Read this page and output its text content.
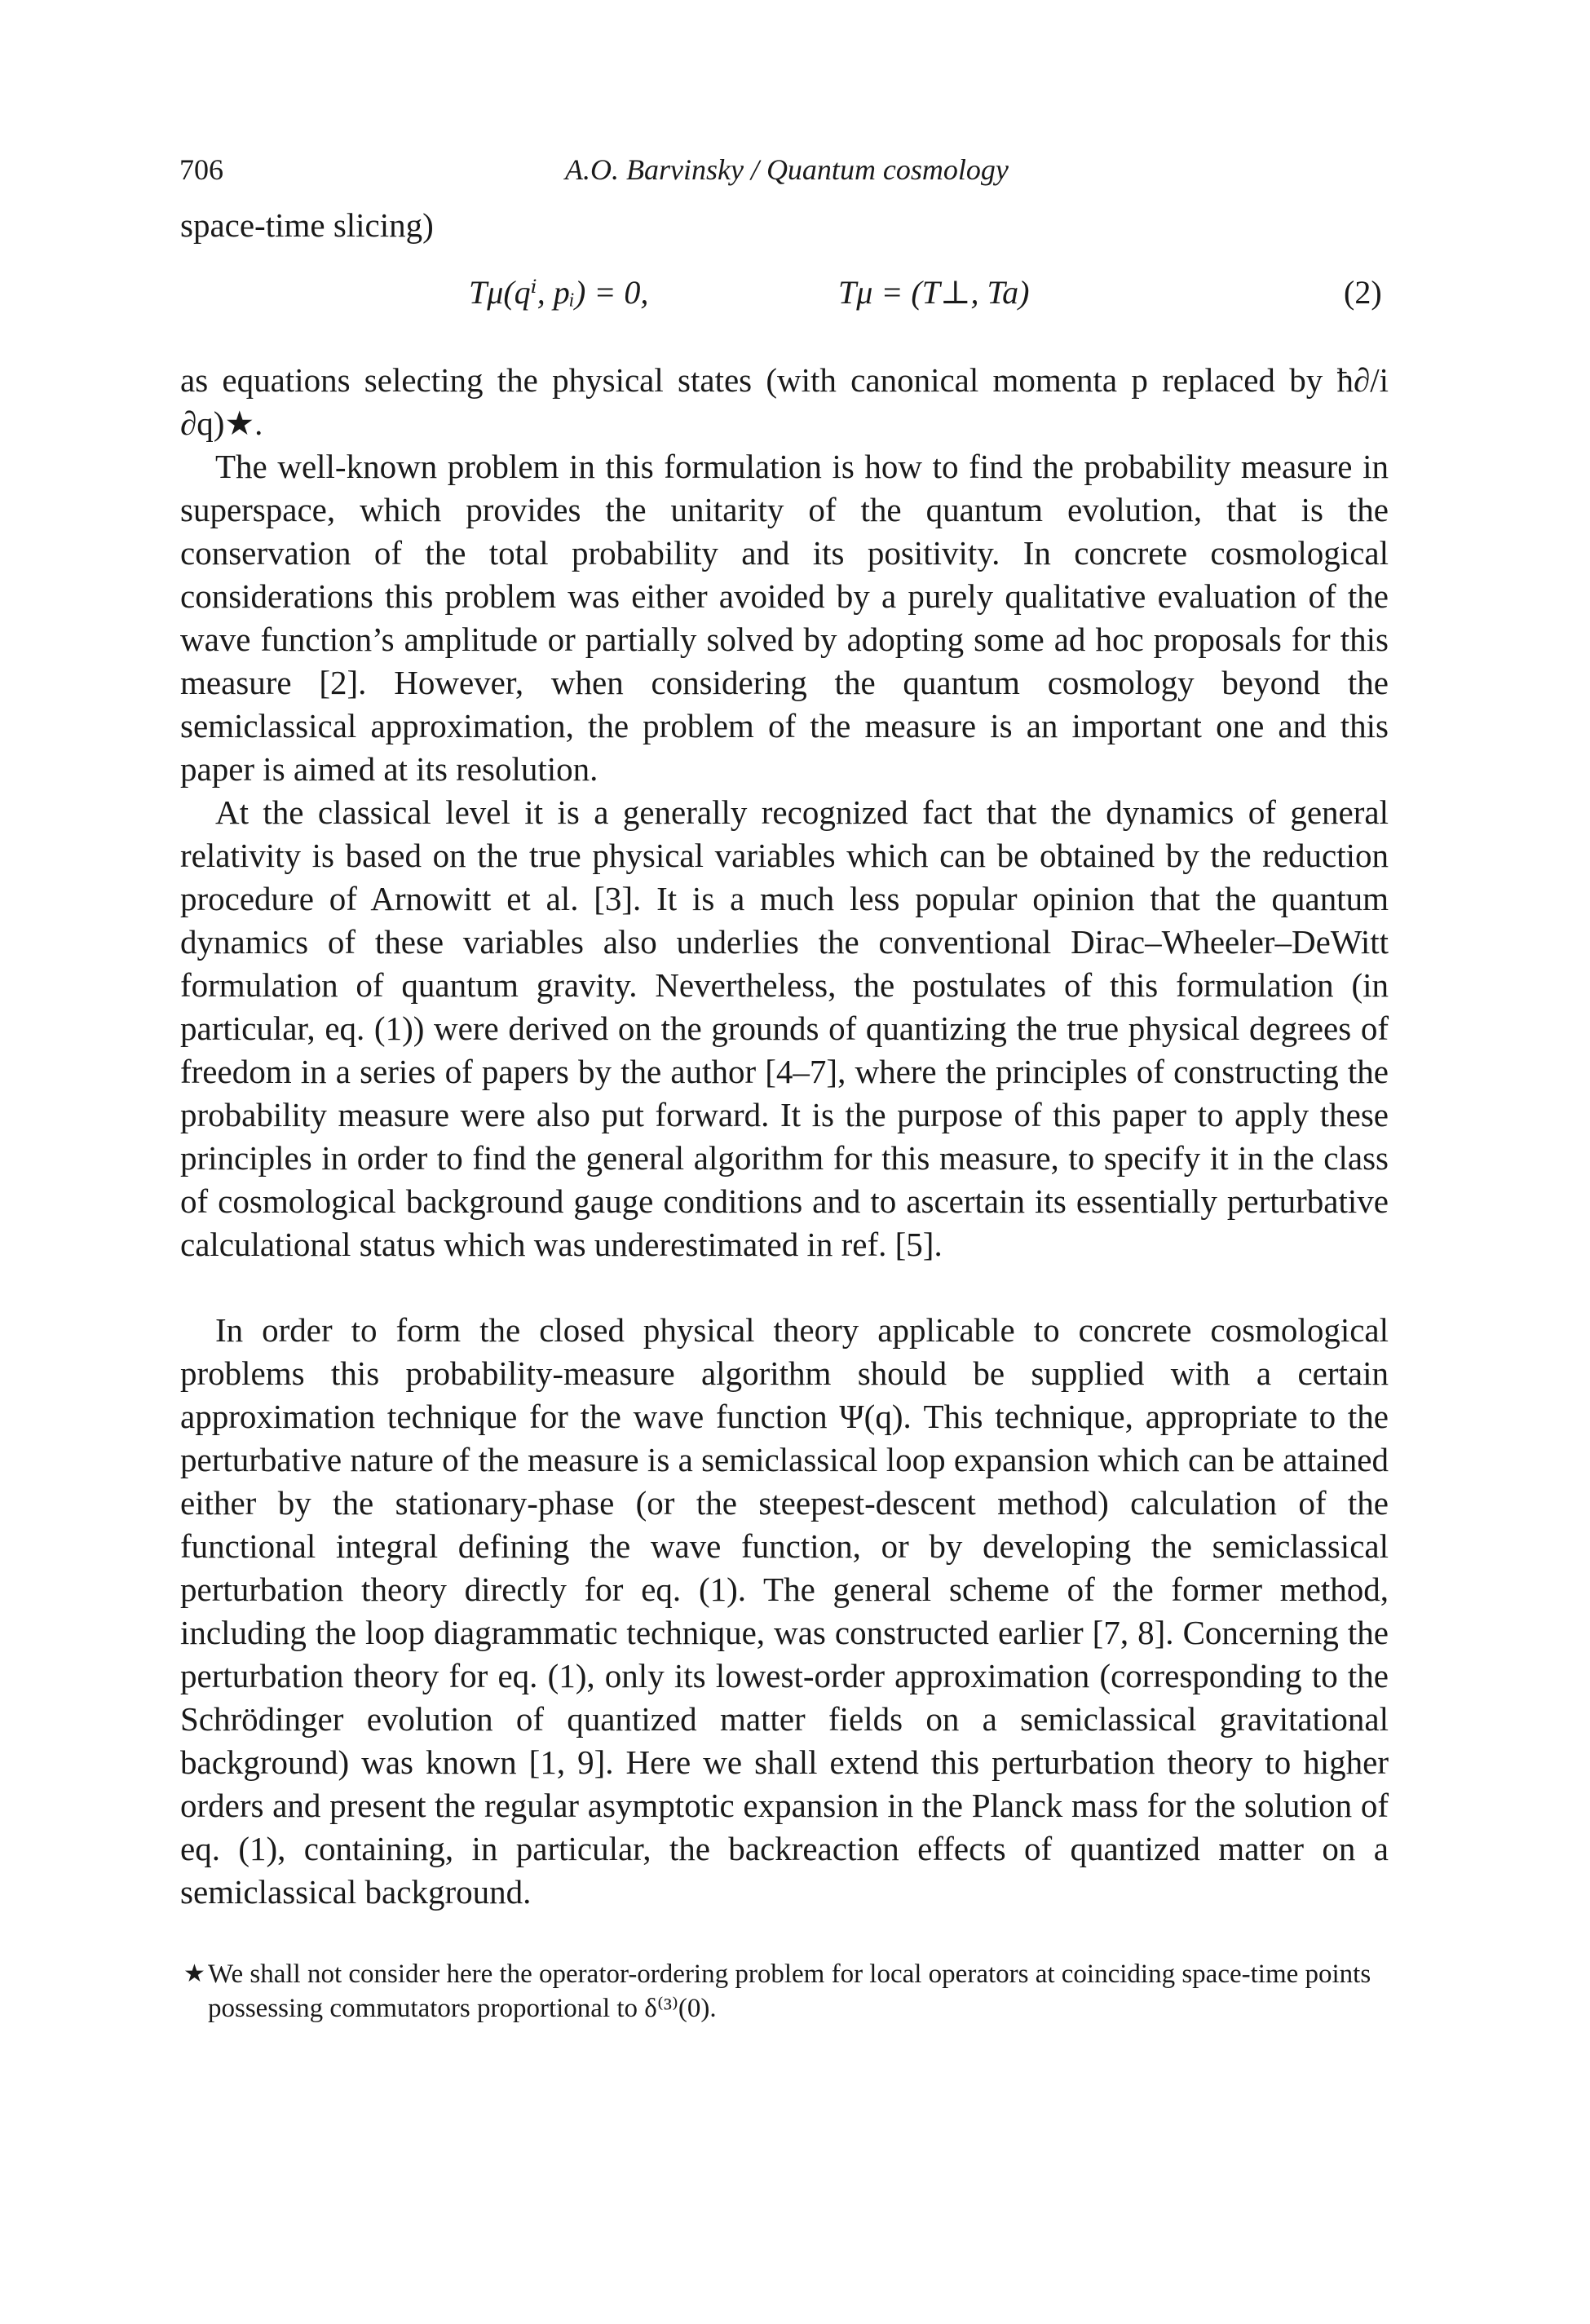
706	A.O. Barvinsky / Quantum cosmology
space-time slicing)
Tμ(qⁱ, pᵢ) = 0,	Tμ = (T⊥, Ta)	(2)

as equations selecting the physical states (with canonical momenta p replaced by ħ∂/i ∂q)★.

The well-known problem in this formulation is how to find the probability measure in superspace, which provides the unitarity of the quantum evolution, that is the conservation of the total probability and its positivity. In concrete cosmological considerations this problem was either avoided by a purely qualitative evaluation of the wave function’s amplitude or partially solved by adopting some ad hoc proposals for this measure [2]. However, when considering the quantum cosmology beyond the semiclassical approximation, the problem of the measure is an important one and this paper is aimed at its resolution.

At the classical level it is a generally recognized fact that the dynamics of general relativity is based on the true physical variables which can be obtained by the reduction procedure of Arnowitt et al. [3]. It is a much less popular opinion that the quantum dynamics of these variables also underlies the conventional Dirac–Wheeler–DeWitt formulation of quantum gravity. Nevertheless, the postulates of this formulation (in particular, eq. (1)) were derived on the grounds of quantizing the true physical degrees of freedom in a series of papers by the author [4–7], where the principles of constructing the probability measure were also put forward. It is the purpose of this paper to apply these principles in order to find the general algorithm for this measure, to specify it in the class of cosmological background gauge conditions and to ascertain its essentially perturbative calculational status which was underestimated in ref. [5].

In order to form the closed physical theory applicable to concrete cosmological problems this probability-measure algorithm should be supplied with a certain approximation technique for the wave function Ψ(q). This technique, appropriate to the perturbative nature of the measure is a semiclassical loop expansion which can be attained either by the stationary-phase (or the steepest-descent method) calculation of the functional integral defining the wave function, or by developing the semiclassical perturbation theory directly for eq. (1). The general scheme of the former method, including the loop diagrammatic technique, was constructed earlier [7, 8]. Concerning the perturbation theory for eq. (1), only its lowest-order approximation (corresponding to the Schrödinger evolution of quantized matter fields on a semiclassical gravitational background) was known [1, 9]. Here we shall extend this perturbation theory to higher orders and present the regular asymptotic expansion in the Planck mass for the solution of eq. (1), containing, in particular, the backreaction effects of quantized matter on a semiclassical background.

★ We shall not consider here the operator-ordering problem for local operators at coinciding space-time points possessing commutators proportional to δ⁽³⁾(0).
